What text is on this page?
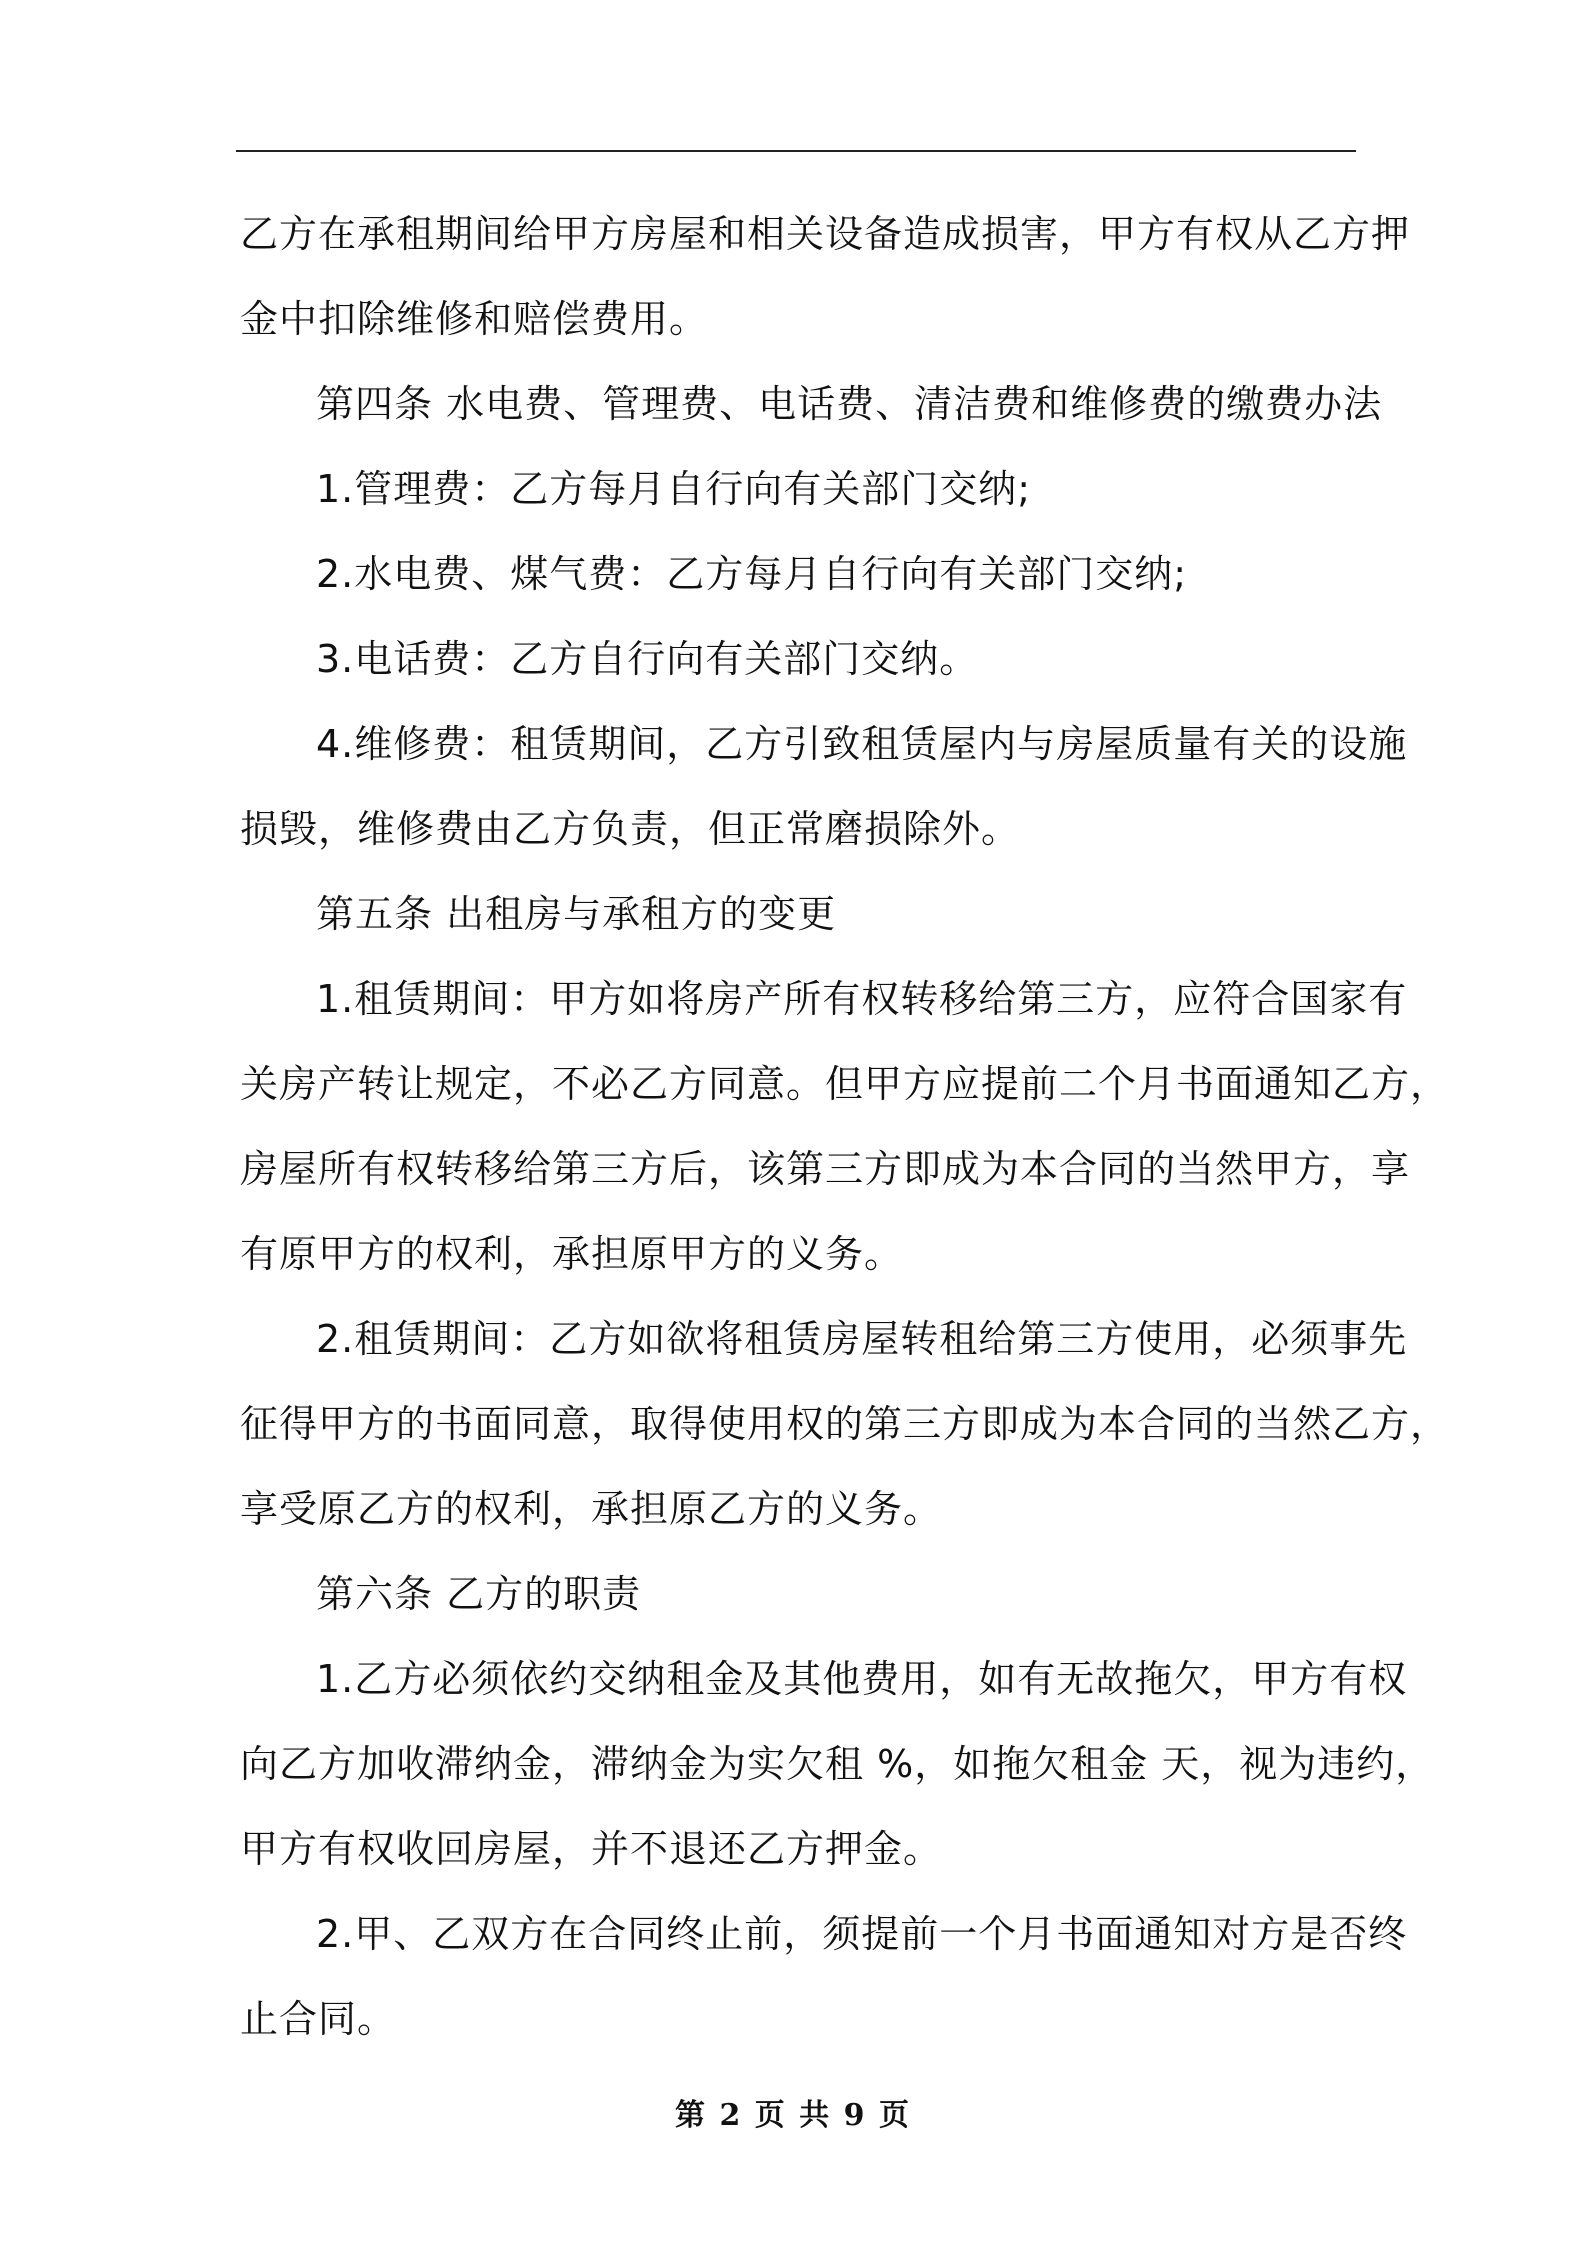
乙方在承租期间给甲方房屋和相关设备造成损害，甲方有权从乙方押

金中扣除维修和赔偿费用。

第四条 水电费、管理费、电话费、清洁费和维修费的缴费办法

1.管理费：乙方每月自行向有关部门交纳;

2.水电费、煤气费：乙方每月自行向有关部门交纳;

3.电话费：乙方自行向有关部门交纳。

4.维修费：租赁期间，乙方引致租赁屋内与房屋质量有关的设施

损毁，维修费由乙方负责，但正常磨损除外。

第五条 出租房与承租方的变更

1.租赁期间：甲方如将房产所有权转移给第三方，应符合国家有

关房产转让规定，不必乙方同意。但甲方应提前二个月书面通知乙方，

房屋所有权转移给第三方后，该第三方即成为本合同的当然甲方，享

有原甲方的权利，承担原甲方的义务。

2.租赁期间：乙方如欲将租赁房屋转租给第三方使用，必须事先

征得甲方的书面同意，取得使用权的第三方即成为本合同的当然乙方，

享受原乙方的权利，承担原乙方的义务。

第六条 乙方的职责

1.乙方必须依约交纳租金及其他费用，如有无故拖欠，甲方有权

向乙方加收滞纳金，滞纳金为实欠租 %，如拖欠租金 天，视为违约，

甲方有权收回房屋，并不退还乙方押金。

2.甲、乙双方在合同终止前，须提前一个月书面通知对方是否终

止合同。

第 2 页 共 9 页
